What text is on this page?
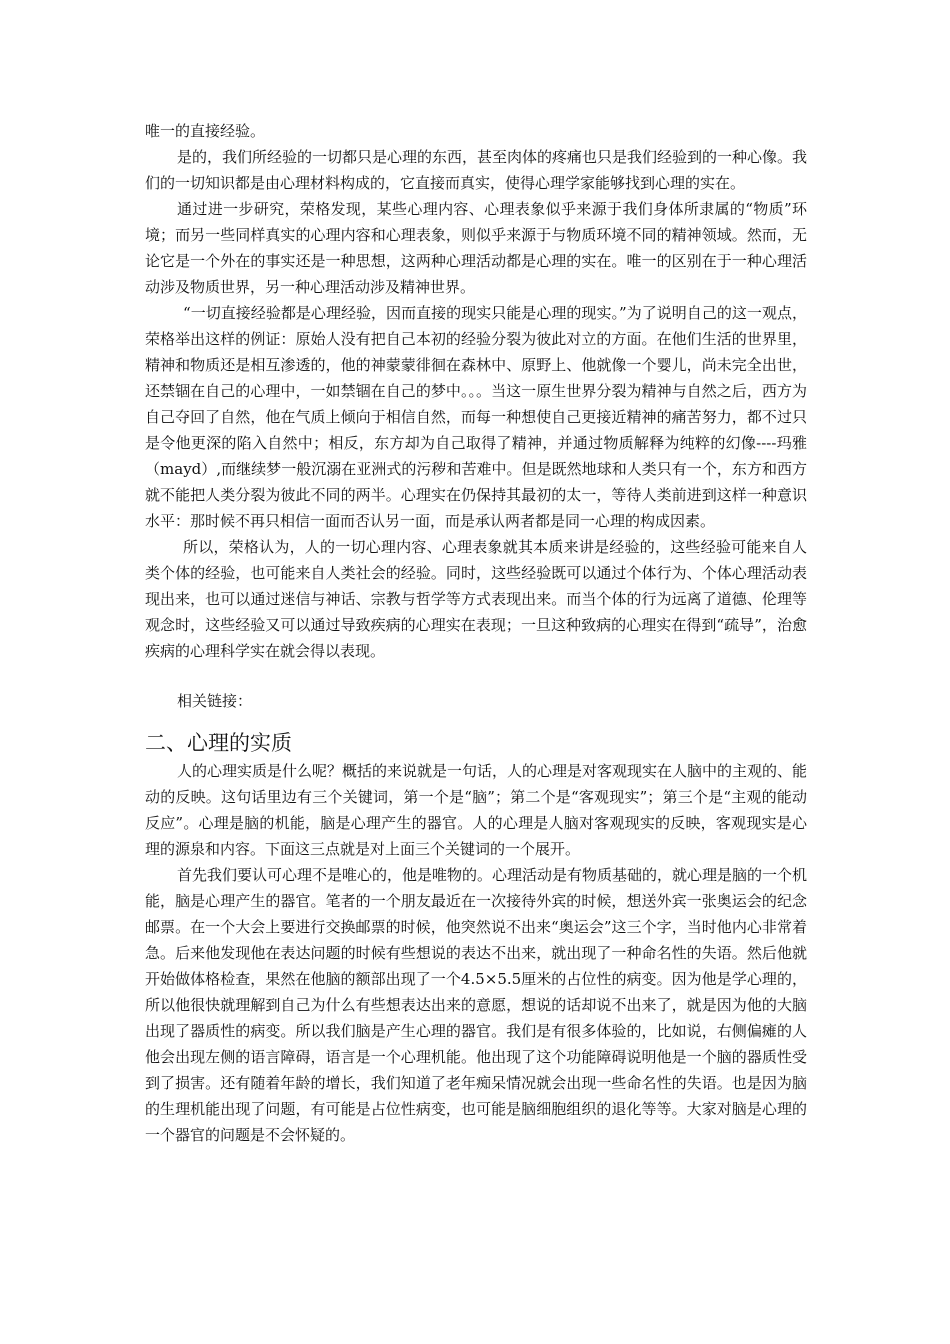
唯一的直接经验。

是的，我们所经验的一切都只是心理的东西，甚至肉体的疼痛也只是我们经验到的一种心像。我们的一切知识都是由心理材料构成的，它直接而真实，使得心理学家能够找到心理的实在。

通过进一步研究，荣格发现，某些心理内容、心理表象似乎来源于我们身体所隶属的“物质”环境；而另一些同样真实的心理内容和心理表象，则似乎来源于与物质环境不同的精神领域。然而，无论它是一个外在的事实还是一种思想，这两种心理活动都是心理的实在。唯一的区别在于一种心理活动涉及物质世界，另一种心理活动涉及精神世界。

“一切直接经验都是心理经验，因而直接的现实只能是心理的现实。”为了说明自己的这一观点，荣格举出这样的例证：原始人没有把自己本初的经验分裂为彼此对立的方面。在他们生活的世界里，精神和物质还是相互渗透的，他的神蒙蒙徘徊在森林中、原野上、他就像一个婴儿，尚未完全出世，还禁锢在自己的心理中，一如禁锢在自己的梦中。。。当这一原生世界分裂为精神与自然之后，西方为自己夺回了自然，他在气质上倾向于相信自然，而每一种想使自己更接近精神的痛苦努力，都不过只是令他更深的陷入自然中；相反，东方却为自己取得了精神，并通过物质解释为纯粹的幻像----玛雅（mayd）,而继续梦一般沉溺在亚洲式的污秽和苦难中。但是既然地球和人类只有一个，东方和西方就不能把人类分裂为彼此不同的两半。心理实在仍保持其最初的太一，等待人类前进到这样一种意识水平：那时候不再只相信一面而否认另一面，而是承认两者都是同一心理的构成因素。

所以，荣格认为，人的一切心理内容、心理表象就其本质来讲是经验的，这些经验可能来自人类个体的经验，也可能来自人类社会的经验。同时，这些经验既可以通过个体行为、个体心理活动表现出来，也可以通过迷信与神话、宗教与哲学等方式表现出来。而当个体的行为远离了道德、伦理等观念时，这些经验又可以通过导致疾病的心理实在表现；一旦这种致病的心理实在得到“疏导”，治愈疾病的心理科学实在就会得以表现。

相关链接：

二、心理的实质

人的心理实质是什么呢？概括的来说就是一句话，人的心理是对客观现实在人脑中的主观的、能动的反映。这句话里边有三个关键词，第一个是“脑”；第二个是“客观现实”；第三个是“主观的能动反应”。心理是脑的机能，脑是心理产生的器官。人的心理是人脑对客观现实的反映，客观现实是心理的源泉和内容。下面这三点就是对上面三个关键词的一个展开。

首先我们要认可心理不是唯心的，他是唯物的。心理活动是有物质基础的，就心理是脑的一个机能，脑是心理产生的器官。笔者的一个朋友最近在一次接待外宾的时候，想送外宾一张奥运会的纪念邮票。在一个大会上要进行交换邮票的时候，他突然说不出来“奥运会”这三个字，当时他内心非常着急。后来他发现他在表达问题的时候有些想说的表达不出来，就出现了一种命名性的失语。然后他就开始做体格检查，果然在他脑的额部出现了一个4.5×5.5厘米的占位性的病变。因为他是学心理的，所以他很快就理解到自己为什么有些想表达出来的意愿，想说的话却说不出来了，就是因为他的大脑出现了器质性的病变。所以我们脑是产生心理的器官。我们是有很多体验的，比如说，右侧偏瘫的人他会出现左侧的语言障碍，语言是一个心理机能。他出现了这个功能障碍说明他是一个脑的器质性受到了损害。还有随着年龄的增长，我们知道了老年痴呆情况就会出现一些命名性的失语。也是因为脑的生理机能出现了问题，有可能是占位性病变，也可能是脑细胞组织的退化等等。大家对脑是心理的一个器官的问题是不会怀疑的。
